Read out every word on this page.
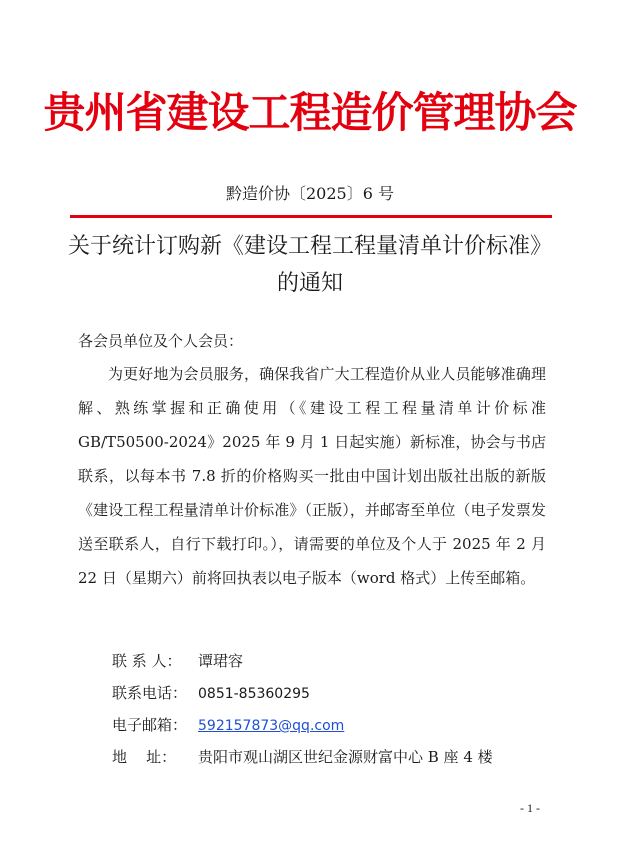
贵州省建设工程造价管理协会
黔造价协〔2025〕6 号
关于统计订购新《建设工程工程量清单计价标准》的通知
各会员单位及个人会员：

为更好地为会员服务，确保我省广大工程造价从业人员能够准确理解、熟练掌握和正确使用（《建设工程工程量清单计价标准 GB/T50500-2024》2025 年 9 月 1 日起实施）新标准，协会与书店联系，以每本书 7.8 折的价格购买一批由中国计划出版社出版的新版《建设工程工程量清单计价标准》（正版），并邮寄至单位（电子发票发送至联系人，自行下载打印。），请需要的单位及个人于 2025 年 2 月 22 日（星期六）前将回执表以电子版本（word 格式）上传至邮箱。

联 系 人： 谭珺容
联系电话： 0851-85360295
电子邮箱： 592157873@qq.com
地    址： 贵阳市观山湖区世纪金源财富中心 B 座 4 楼
- 1 -
